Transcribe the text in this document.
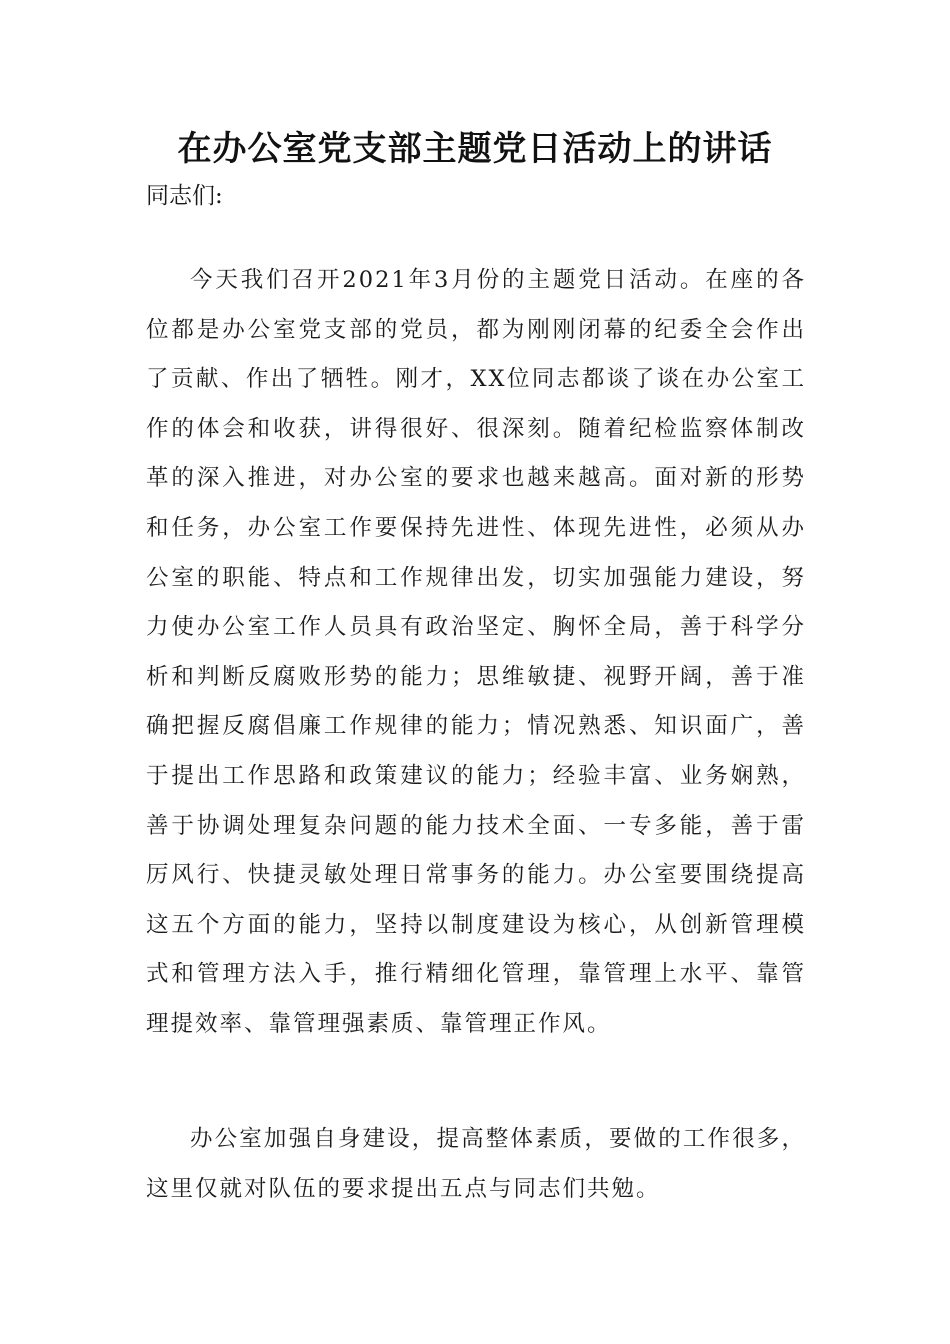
在办公室党支部主题党日活动上的讲话

同志们:

今天我们召开2021年3月份的主题党日活动。在座的各位都是办公室党支部的党员，都为刚刚闭幕的纪委全会作出了贡献、作出了牺牲。刚才，XX位同志都谈了谈在办公室工作的体会和收获，讲得很好、很深刻。随着纪检监察体制改革的深入推进，对办公室的要求也越来越高。面对新的形势和任务，办公室工作要保持先进性、体现先进性，必须从办公室的职能、特点和工作规律出发，切实加强能力建设，努力使办公室工作人员具有政治坚定、胸怀全局，善于科学分析和判断反腐败形势的能力；思维敏捷、视野开阔，善于准确把握反腐倡廉工作规律的能力；情况熟悉、知识面广，善于提出工作思路和政策建议的能力；经验丰富、业务娴熟，善于协调处理复杂问题的能力技术全面、一专多能，善于雷厉风行、快捷灵敏处理日常事务的能力。办公室要围绕提高这五个方面的能力，坚持以制度建设为核心，从创新管理模式和管理方法入手，推行精细化管理，靠管理上水平、靠管理提效率、靠管理强素质、靠管理正作风。

办公室加强自身建设，提高整体素质，要做的工作很多，这里仅就对队伍的要求提出五点与同志们共勉。
